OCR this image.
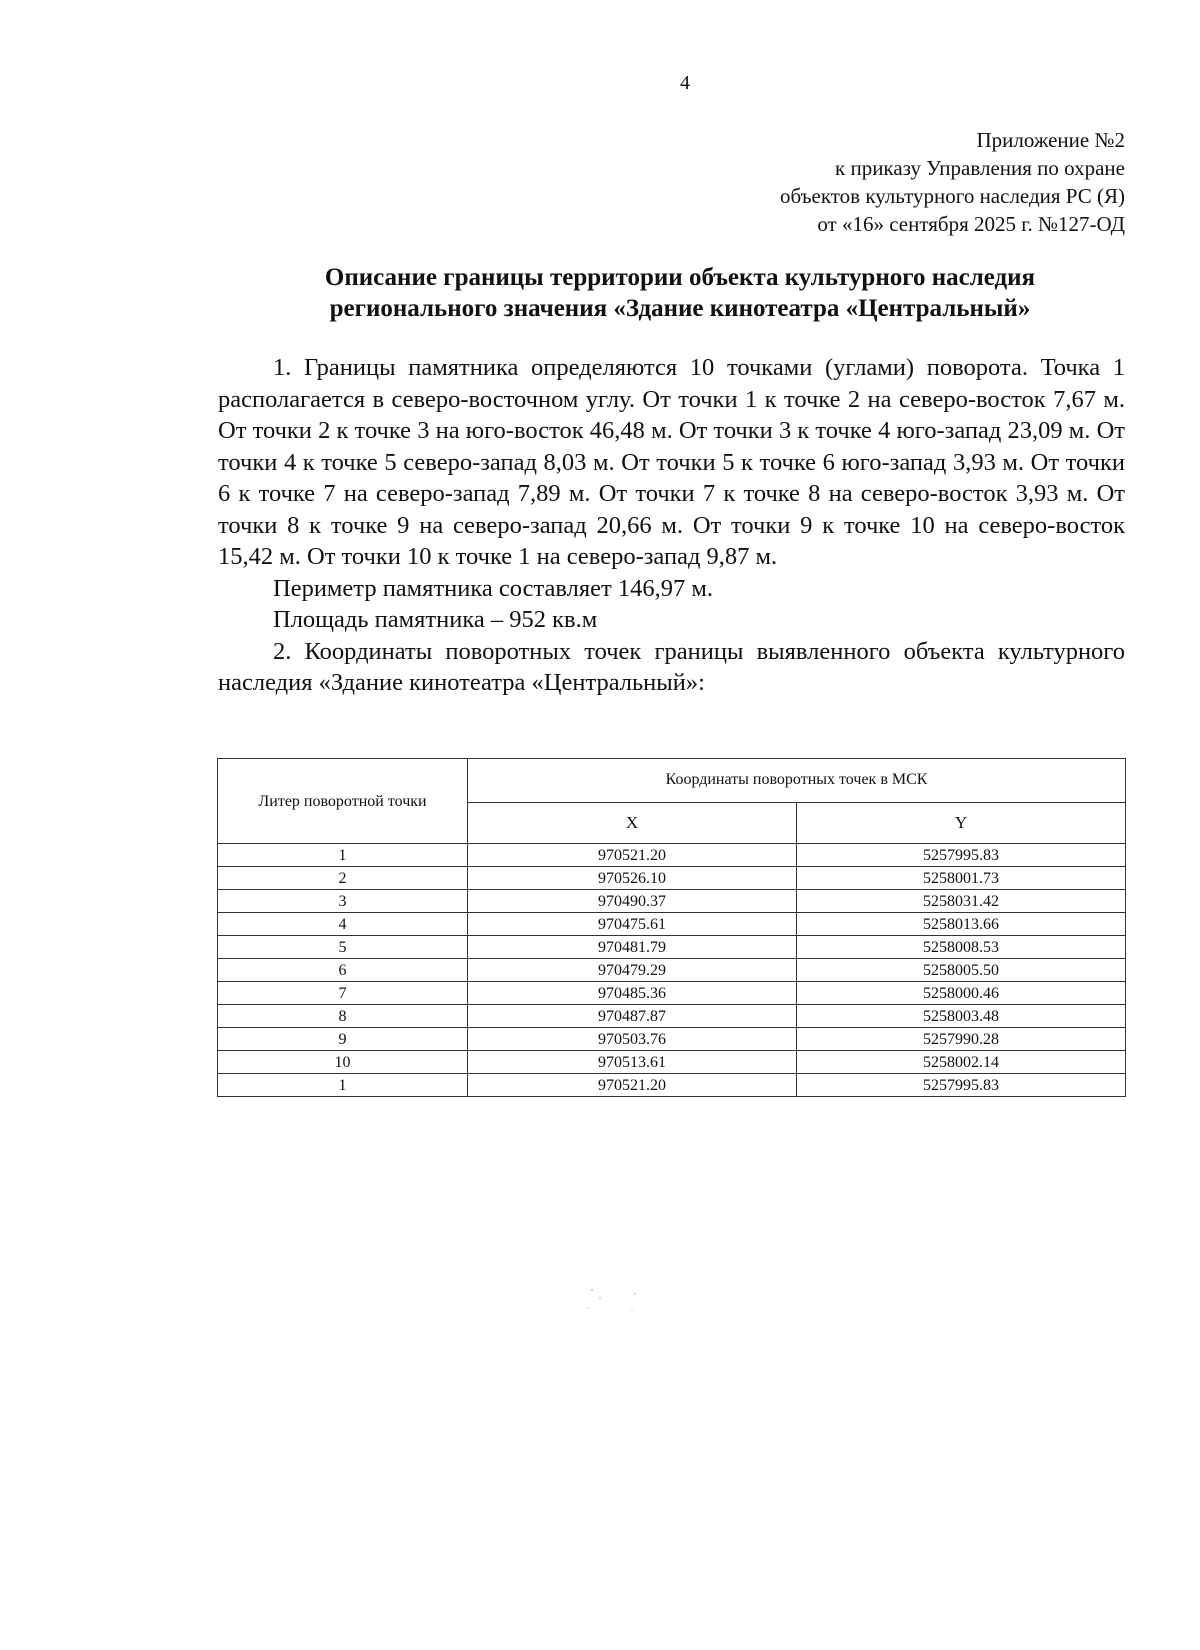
4
Приложение №2
к приказу Управления по охране
объектов культурного наследия РС (Я)
от «16» сентября 2025 г. №127-ОД
Описание границы территории объекта культурного наследия
регионального значения «Здание кинотеатра «Центральный»

1. Границы памятника определяются 10 точками (углами) поворота. Точка 1 располагается в северо-восточном углу. От точки 1 к точке 2 на северо-восток 7,67 м. От точки 2 к точке 3 на юго-восток 46,48 м. От точки 3 к точке 4 юго-запад 23,09 м. От точки 4 к точке 5 северо-запад 8,03 м. От точки 5 к точке 6 юго-запад 3,93 м. От точки 6 к точке 7 на северо-запад 7,89 м. От точки 7 к точке 8 на северо-восток 3,93 м. От точки 8 к точке 9 на северо-запад 20,66 м. От точки 9 к точке 10 на северо-восток 15,42 м. От точки 10 к точке 1 на северо-запад 9,87 м.

Периметр памятника составляет 146,97 м.

Площадь памятника – 952 кв.м

2. Координаты поворотных точек границы выявленного объекта культурного наследия «Здание кинотеатра «Центральный»:

Литер поворотной точки	Координаты поворотных точек в МСК	
	X	Y
1	970521.20	5257995.83
2	970526.10	5258001.73
3	970490.37	5258031.42
4	970475.61	5258013.66
5	970481.79	5258008.53
6	970479.29	5258005.50
7	970485.36	5258000.46
8	970487.87	5258003.48
9	970503.76	5257990.28
10	970513.61	5258002.14
1	970521.20	5257995.83
